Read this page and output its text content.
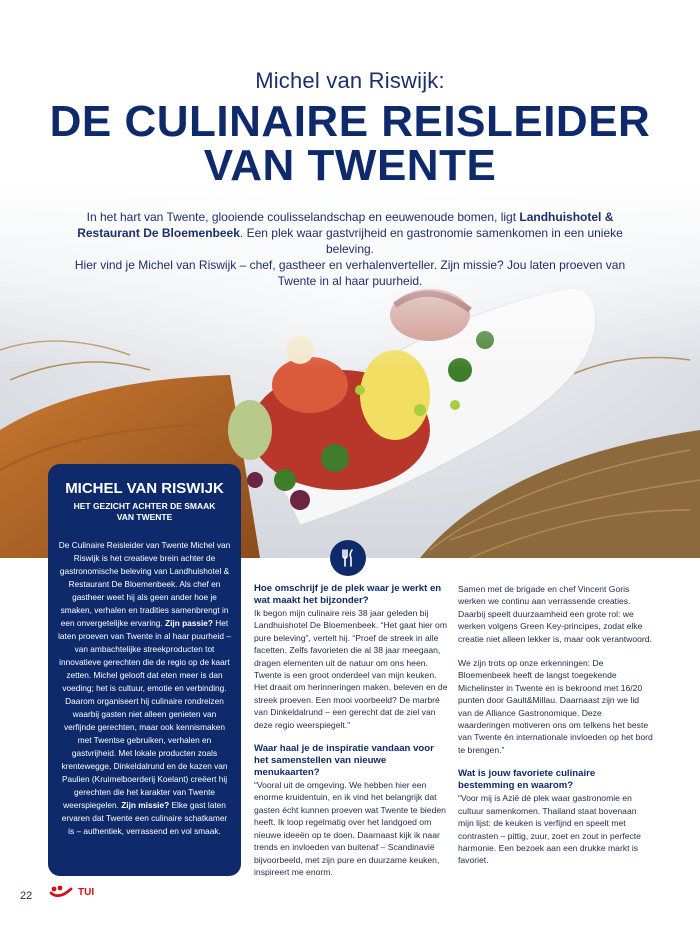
Michel van Riswijk:
DE CULINAIRE REISLEIDER
VAN TWENTE
In het hart van Twente, glooiende coulisselandschap en eeuwenoude bomen, ligt Landhuishotel & Restaurant De Bloemenbeek. Een plek waar gastvrijheid en gastronomie samenkomen in een unieke beleving.
Hier vind je Michel van Riswijk – chef, gastheer en verhalenverteller. Zijn missie? Jou laten proeven van Twente in al haar puurheid.
MICHEL VAN RISWIJK
HET GEZICHT ACHTER DE SMAAK VAN TWENTE
De Culinaire Reisleider van Twente Michel van Riswijk is het creatieve brein achter de gastronomische beleving van Landhuishotel & Restaurant De Bloemenbeek. Als chef en gastheer weet hij als geen ander hoe je smaken, verhalen en tradities samenbrengt in een onvergetelijke ervaring. Zijn passie? Het laten proeven van Twente in al haar puurheid – van ambachtelijke streekproducten tot innovatieve gerechten die de regio op de kaart zetten. Michel gelooft dat eten meer is dan voeding; het is cultuur, emotie en verbinding. Daarom organiseert hij culinaire rondreizen waarbij gasten niet alleen genieten van verfijnde gerechten, maar ook kennismaken met Twentse gebruiken, verhalen en gastvrijheid. Met lokale producten zoals krentewegge, Dinkeldalrund en de kazen van Paulien (Kruimelboerderij Koelant) creëert hij gerechten die het karakter van Twente weerspiegelen. Zijn missie? Elke gast laten ervaren dat Twente een culinaire schatkamer is – authentiek, verrassend en vol smaak.
Hoe omschrijf je de plek waar je werkt en wat maakt het bijzonder?

Ik begon mijn culinaire reis 38 jaar geleden bij Landhuishotel De Bloemenbeek. “Het gaat hier om pure beleving”, vertelt hij. “Proef de streek in alle facetten. Zelfs favorieten die al 38 jaar meegaan, dragen elementen uit de natuur om ons heen. Twente is een groot onderdeel van mijn keuken. Het draait om herinneringen maken, beleven en de streek proeven. Een mooi voorbeeld? De marbré van Dinkeldalrund – een gerecht dat de ziel van deze regio weerspiegelt.”

Waar haal je de inspiratie vandaan voor het samenstellen van nieuwe menukaarten?

“Vooral uit de omgeving. We hebben hier een enorme kruidentuin, en ik vind het belangrijk dat gasten écht kunnen proeven wat Twente te bieden heeft. Ik loop regelmatig over het landgoed om nieuwe ideeën op te doen. Daarnaast kijk ik naar trends en invloeden van buitenaf – Scandinavië bijvoorbeeld, met zijn pure en duurzame keuken, inspireert me enorm.

Samen met de brigade en chef Vincent Goris werken we continu aan verrassende creaties. Daarbij speelt duurzaamheid een grote rol: we werken volgens Green Key-principes, zodat elke creatie niet alleen lekker is, maar ook verantwoord.

We zijn trots op onze erkenningen: De Bloemenbeek heeft de langst toegekende Michelinster in Twente en is bekroond met 16/20 punten door Gault&Millau. Daarnaast zijn we lid van de Alliance Gastronomique. Deze waarderingen motiveren ons om telkens het beste van Twente én internationale invloeden op het bord te brengen.”

Wat is jouw favoriete culinaire bestemming en waarom?

“Voor mij is Azië dé plek waar gastronomie en cultuur samenkomen. Thailand staat bovenaan mijn lijst: de keuken is verfijnd en speelt met contrasten – pittig, zuur, zoet en zout in perfecte harmonie. Een bezoek aan een drukke markt is favoriet.

22	TUI
